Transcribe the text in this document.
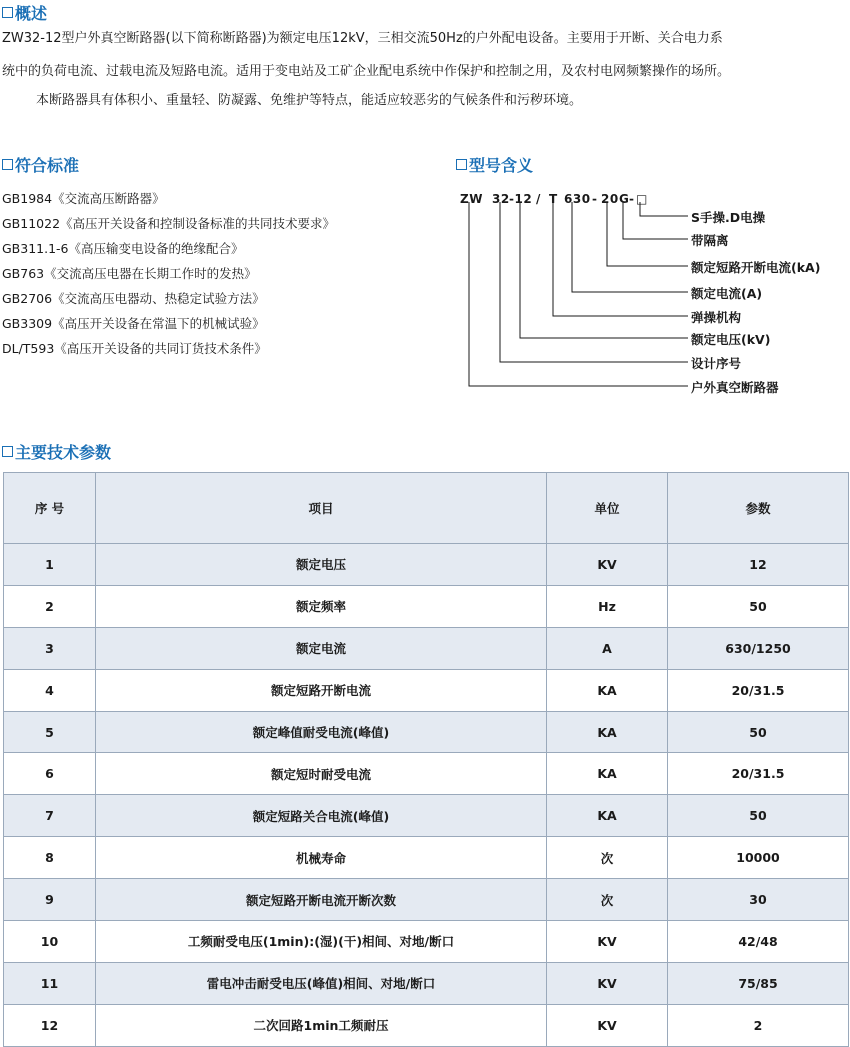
概述
ZW32-12型户外真空断路器(以下简称断路器)为额定电压12kV，三相交流50Hz的户外配电设备。主要用于开断、关合电力系
统中的负荷电流、过载电流及短路电流。适用于变电站及工矿企业配电系统中作保护和控制之用，及农村电网频繁操作的场所。
本断路器具有体积小、重量轻、防凝露、免维护等特点，能适应较恶劣的气候条件和污秽环境。
符合标准
GB1984《交流高压断路器》
GB11022《高压开关设备和控制设备标准的共同技术要求》
GB311.1-6《高压输变电设备的绝缘配合》
GB763《交流高压电器在长期工作时的发热》
GB2706《交流高压电器动、热稳定试验方法》
GB3309《高压开关设备在常温下的机械试验》
DL/T593《高压开关设备的共同订货技术条件》
型号含义
ZW 32 -12 / T 630 - 20 G - □
S手操.D电操
带隔离
额定短路开断电流(kA)
额定电流(A)
弹操机构
额定电压(kV)
设计序号
户外真空断路器
主要技术参数
序 号	项目	单位	参数
1	额定电压	KV	12
2	额定频率	Hz	50
3	额定电流	A	630/1250
4	额定短路开断电流	KA	20/31.5
5	额定峰值耐受电流(峰值)	KA	50
6	额定短时耐受电流	KA	20/31.5
7	额定短路关合电流(峰值)	KA	50
8	机械寿命	次	10000
9	额定短路开断电流开断次数	次	30
10	工频耐受电压(1min):(湿)(干)相间、对地/断口	KV	42/48
11	雷电冲击耐受电压(峰值)相间、对地/断口	KV	75/85
12	二次回路1min工频耐压	KV	2
